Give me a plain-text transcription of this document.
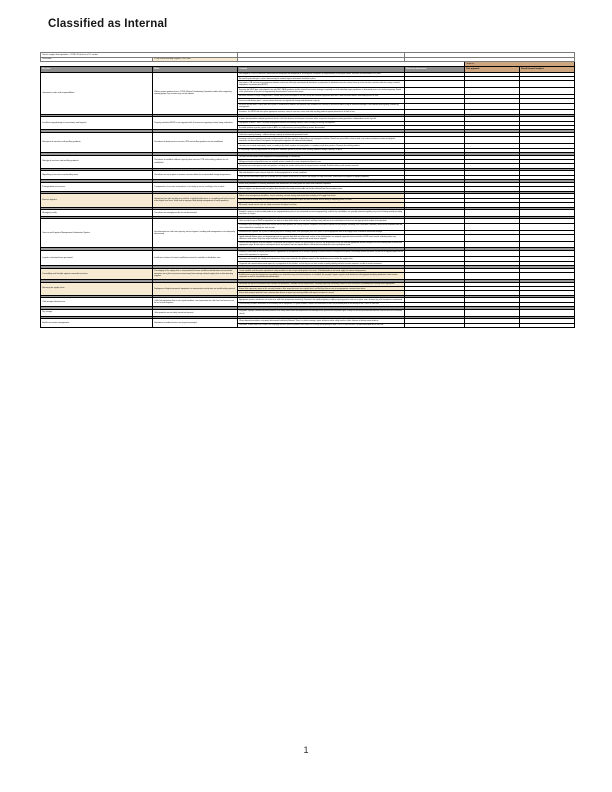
Classified as Internal
Vaccine supply chain operations - COVID-19 roll out in a DC context					
Risk matrix	= Key controls involving targeted COVID risks				
				Guidance	
Key area	Risks	Controls	Reference documents	Test approach	Result format & analysis
Governance roles and responsibilities	Without proper guidance from a COVID National Coordinating Committee and/or other supporting working groups, key activities may not be initiated.	With regard to COVID-19 vaccines, ensure that the assignation and delegation for receiving and acceptance of responsibilities to the proper entities, functions and stakeholders is in place.			
		An overall system design is in place documenting the national logistics framework should be in place.			
		Key logistics, HR and vaccine management subroles need to be sufficiently articulated and developed, in preparation for distribution from the national store up to the last mile, consistent with the country's national deployment vaccination plan (NDVP).			
		A country led NDVP plan is developed in line with WHO SAGE guidance and the selected vaccination strategy to equitably reach the identified target populations is determined prior to vaccination beginning. Details of the prioritisation of the plan are appropriately disseminated to immunisation teams.			
		Accurate estimates of target subpopulations, suitable micro plans developed in line with clearly documented programme objectives. Hold the health workers have timely access to PPE.			
		Forecasts and delivery plans - vaccine volume forecasts are aligned with storage and distribution capacity.			
		For each vaccine store, a stock level alert system is established to address and minimise any avoidable over stocking or stockout incidents. A log of stockouts/shortages is documented and regularly reviewed by management.			
		Insurance: The NDVP laid out in place appropriate insurance cover for vaccines, assets and other ancillary products against potential risk of theft or loss.			

Insufficient preplanning of vaccinations and logistics	Properly articulated NDVP is not supported with all resources supporting a better being undertaken.	In place: documentation and plan pro-arrival checks: cold chain distance and transport investment alone, inspection of equipment, storing procedures, independent checks/ sign offs.			
		Segregation of duties - there is a proper segregation between the following functions: stock custody, processing, and approval.			
		A suitable problem reporting system in place (ARS, etc.) with necessary recovery/ follow up actions documented.			

Reception of vaccines and ancillary products.	Procedures to timely receive vaccines, PPE and ancillary products are not established.	Cold chain capacity planning - sufficient storage capacity at national and operational levels.			
		Inventory counts are regularly performed and documented, with due regard for independence and segregation of duties. Results are reconciled to stock records, any variances between records and physical inventories are documented, investigated, and appropriate approvals are obtained and validated.			
		Vaccines are received and properly stored, according to the batch numbers and expiry dates, in compliance with best practices. Protocols for ancillary products.			
		If cold storage capacity requirements are insufficient, additional options to procure, lease of hiring additional storage capacity is in place.			

Storage of vaccines and ancillary products.	Procedures to establish sufficient capacity store vaccines, PPE and ancillary products are not established.	Vaccines are only spoiled inside appropriate breakdown/damage or contaminant.			
		Refrigerated water and parallel assets are available and are stored at the correct temperature/alarm for use.			
		Determine how to transport vaccines and products, including the number and location of transport means available. Establish delivery and treatment intervals.			

Repacking of vaccines and ancillary items.	Procedures are not in place to maintain vaccines within the recommended storage temperatures.	Map and identify the routes they are high risk - to due geographical or security conditions.			
		Work with law enforcement agencies to provide security suitable escorts/access to detect and mitigate security risk/threats, and monitor the progress of ongoing shipments.			

Transportation of vaccines.	Transportation of vaccines and products is not timely or secure, resulting in loss or stock.	Ensure that procedures in reserving distribution store warehouses accurately report the arrival and conditional shipments.			
		Reverse logistics are documented and explain how and when the usable and unusable vial and be collected from the vaccination teams.			

Reverse logistics	Unused vaccine vials are duly accounted for at health facility/ stores, or unused/unused vials returned to the higher level store. Used vials or improper filled (dating management at health products).	Robust visual management procedures, receive inventory, accurate storage and transaction recording of all supply chain levels.			
		Vaccine facilities are kept fresh of a point while there is a need to re-allocate surplus vaccines to another area or during a temporary pause, or recall.			
		All unused, closed vaccine vials are safely returned to the higher level store.			

Managing recalls	Procedures for managing recalls are not documented.	Establish a process so that recalled products are segregated during transit, are maintained and traced appropriately, and that key stakeholders are promptly informed regarding any recall, including formally recording any doses in a report.			

Vaccine and Logistics Management Information System	Key information on cold chain capacity, vaccine logistics, handling and management is not adequately documented.	Stock records (as per a VLMIS or equivalent) are kept up to date (either daily, or in real time), and they clearly indicate an accurate balance of each vaccine type by batch number and expiry date.			
		Procedures exist to promptly ensure that vaccine and ancillary products are strictly issued in compliance with earliest expired first out principle (including: FEFO allocation if relevant). Items are not estimated from the stores without first consulting the stock records.			
		Information alert systems are in place to identify any stocks/ working teams, and appropriate plan are in place so each appropriate level of the supply chain, to minimize stored and wastage.			
		Goods ordered/ delivery plans and demand requests are separate daily filed and referenced, so that all stock distributions are properly supported and reconciled to VLMIS stock records, indicating where any differences and reasons why there might have been any differences between requests and actual amount supplied.			
		Data on stock distribution and consumption is monitored and recorded to ensure the right quantity of vaccines are distributed to every site and that appropriate records storage of such vaccination point to ensure that appropriate usage. At each space, consumption levels are tracked, and consumption data is collected and recorded after each consumption round.			

Logistics and warehouse personnel.	Insufficient numbers of trained, qualified personnel are available at distribution sites.	Establish a clear team of working section details, supplements to an additional list of transport capacity or human resources to disperse their point, if necessary. Ensure that there is a process to regularly report on the status of the operations to supervisors.			
		Document and establish the validity and authorisation of key actors involved in the different aspects of the distribution process within the supply chain.			
		Cooperate with national enforcement agencies, in preparation of the activities, so that they are on alert in order to quickly identify and take concrete measures in order to revoke movement.			

Traceability and the fight against counterfeit vaccines	The integrity of the supply chain is compromised, because insufficient identification and counterfeit measures are in place to prevent unnecessary from entering national supply chain or from diverting supplies.	Create establish and document requirements and procedures for the receipt and disposals of vaccines. If falsified products are found, apply the national law/procedure.			
		Establish process by which determine traceability/access to/and from key vital and warehouses is controlled, (for example: logistics registers and detailed records by/goods identifying distribution/ stock transfer sequences or well as scheduled/unscheduled stops).			

Securing the supply chain	Deployment of logistic personnel, equipment, or immunisation activity sites are insufficiently protected.	Determine the high risk area where these counties not distributors. Consider security requirements, including requesting community leaders for their assistance in providing extra security where appropriate.			
		Ensure that supervisors report on the security situation in their respective areas on a regular basis, and that they have access to an appropriate communication device.			
		Ensure that transport operators have communication devices to report any security problem and request assistance in transit.			

Cold storage infrastructure	Cold chain equipment that is not in good condition, can compromise the cold chain and vaccines can be lost to heat exposure.	Appropriate systems and devices are in place for cold chain temperature monitoring. Procedures for rapidly mitigating or addressing temperature alerts are in place, and a historical log of all exceptions is maintained.			
		Cold inventory includes information on functionality and on equipment is in good condition. Repairs and maintenance work are performed prior to the delivery of the COVID-19 vaccines.			

Dry storage	Other products are not safely stored and secured.	Dry goods, syringes, diluents and other products to be safely stored within the temperature and humidity levels specified for the product type, so they can be easily located and affected, sufficient access for inventory checks.			

Healthcare waste management.	Hazardous or medical waste is not properly managed.	Waste disposal procedures are properly documented and timely followed. There is a plan to manage, report, authorise and/or safely transfer, collect, dispose or destroy waste products.			
		Document, to what extent GPS teams are complying with best practice guidance with respect to crushing and disposing of used COVID-19 vaccine vials, if at and safely abide this is the case.			
1
